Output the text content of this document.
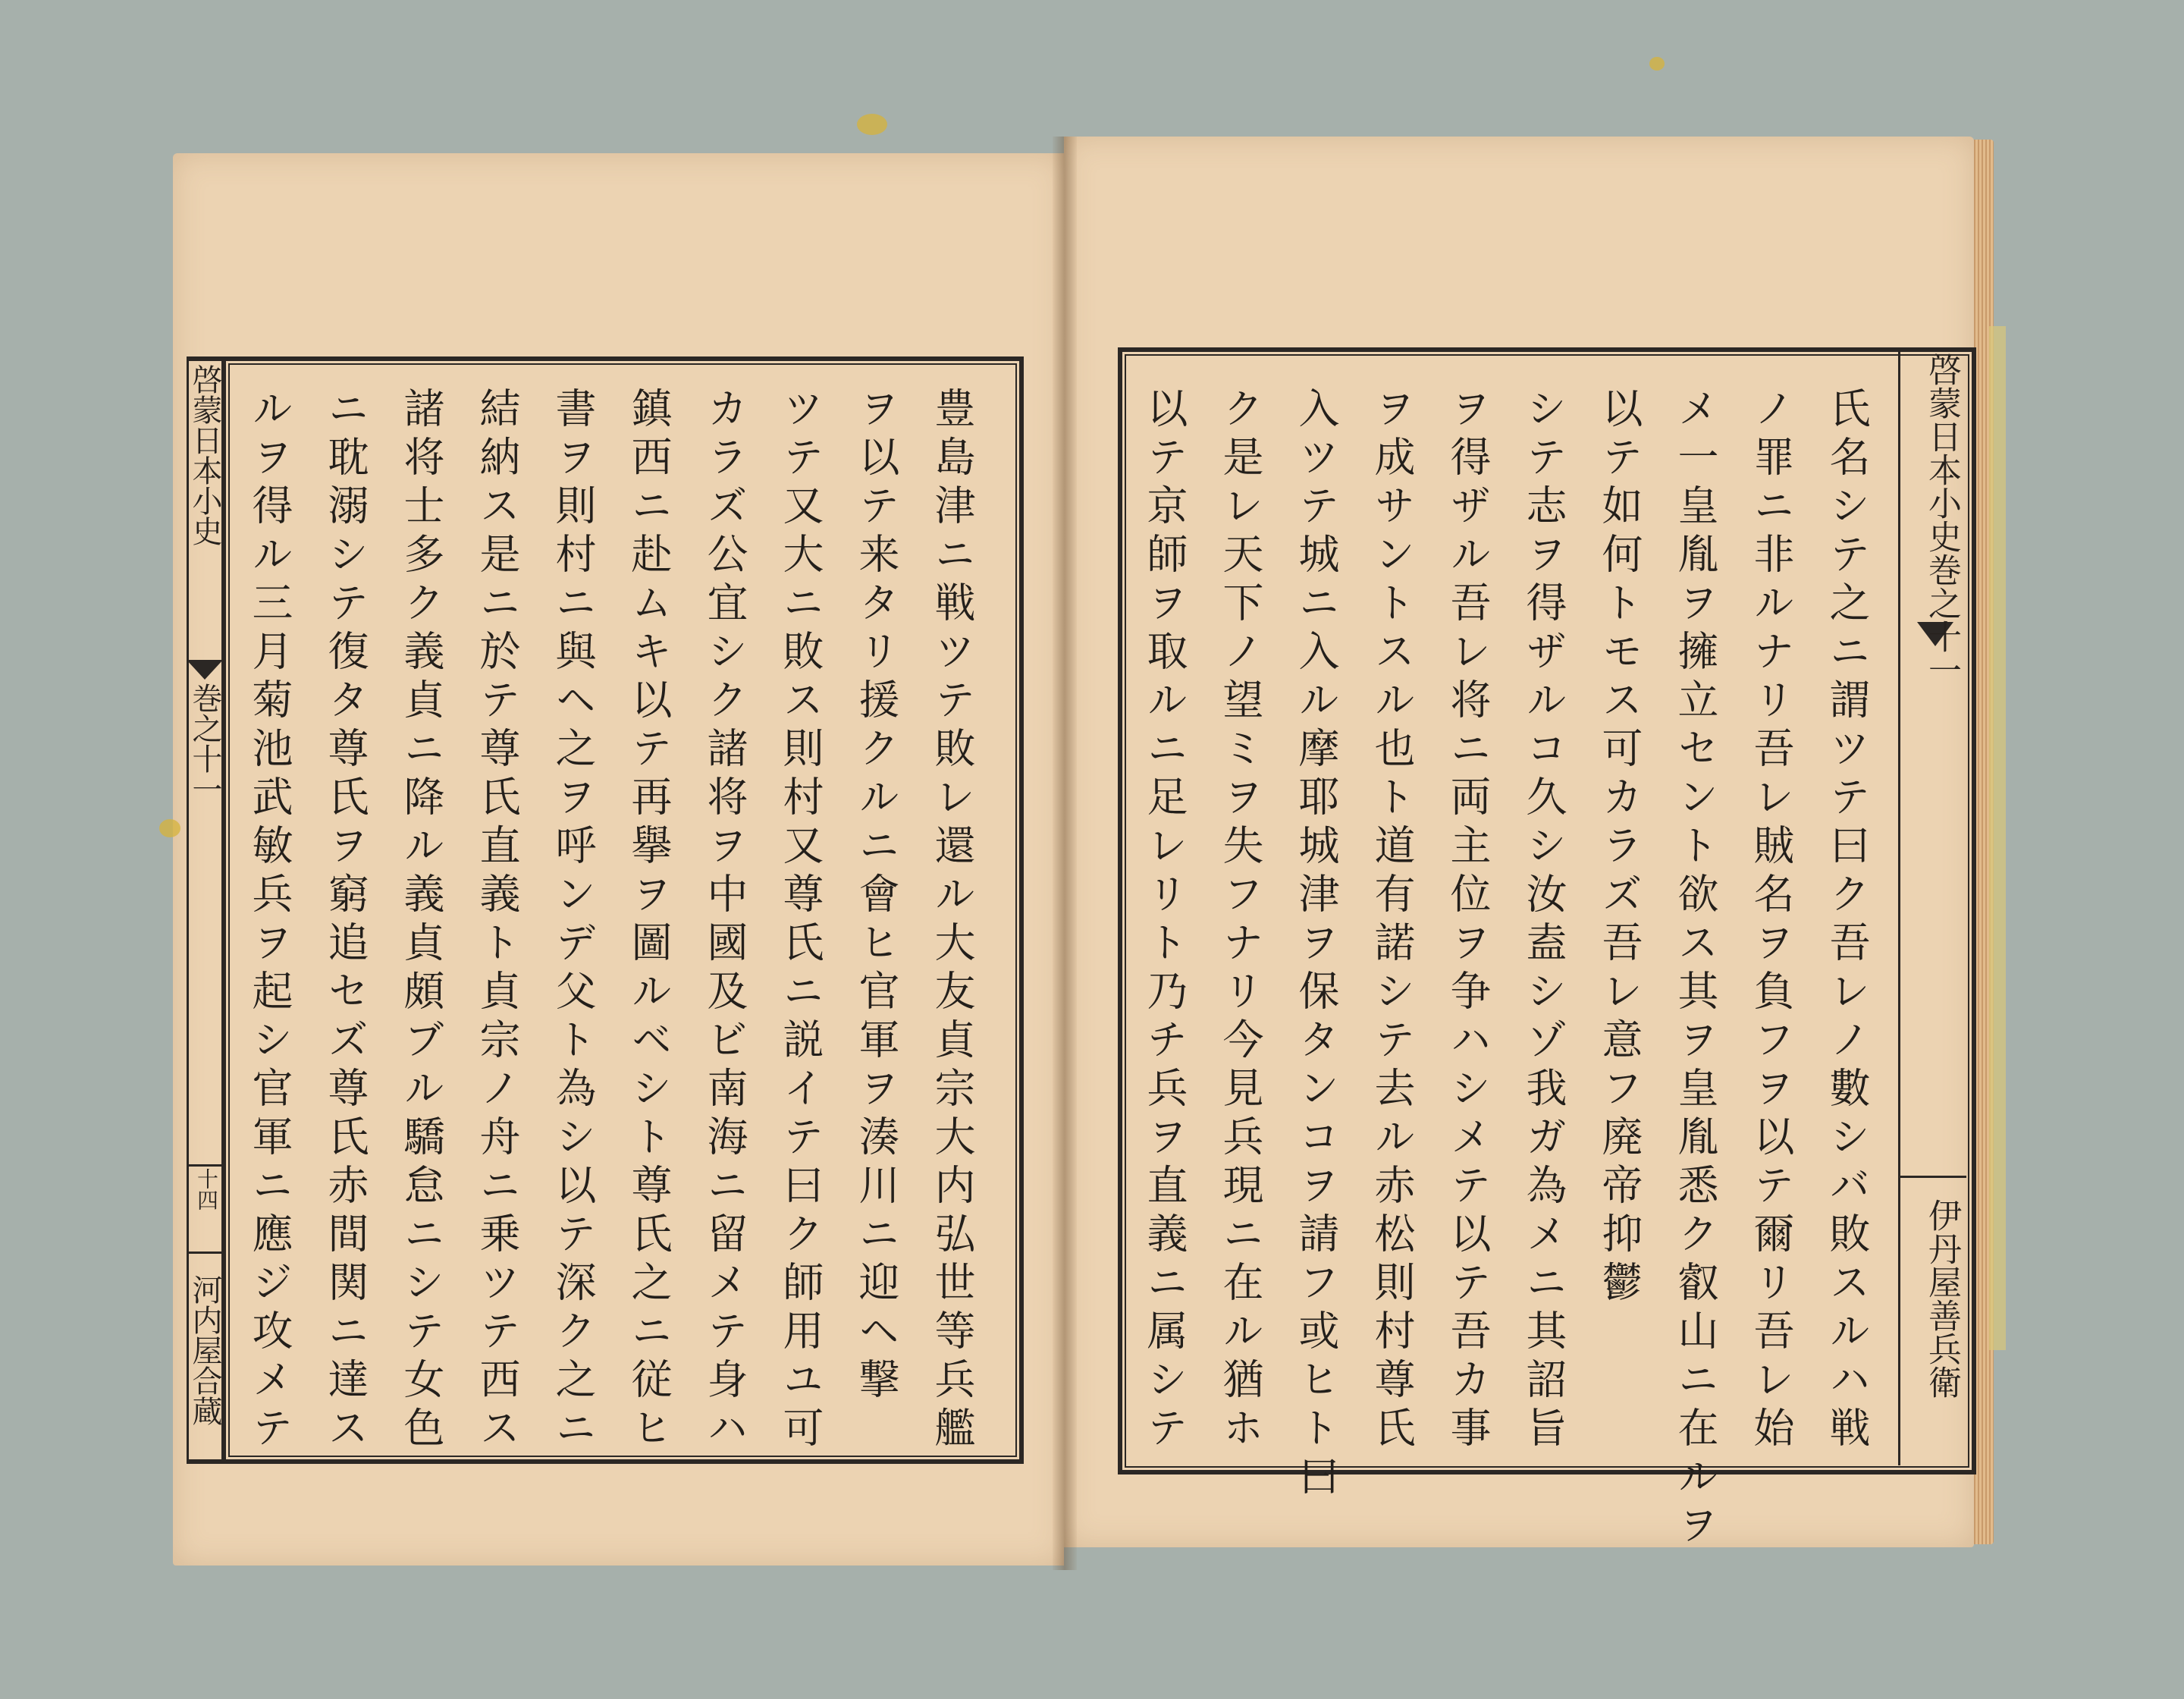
啓蒙日本小史
巻之十一
十四
河内屋合蔵	豊島津ニ戦ツテ敗レ還ル大友貞宗大内弘世等兵艦
ヲ以テ来タリ援クルニ會ヒ官軍ヲ湊川ニ迎ヘ撃
ツテ又大ニ敗ス則村又尊氏ニ説イテ曰ク師用ユ可
カラズ公宜シク諸将ヲ中國及ビ南海ニ留メテ身ハ
鎮西ニ赴ムキ以テ再擧ヲ圖ルベシト尊氏之ニ従ヒ
書ヲ則村ニ與ヘ之ヲ呼ンデ父ト為シ以テ深ク之ニ
結納ス是ニ於テ尊氏直義ト貞宗ノ舟ニ乗ツテ西ス
諸将士多ク義貞ニ降ル義貞頗ブル驕怠ニシテ女色
ニ耽溺シテ復タ尊氏ヲ窮追セズ尊氏赤間関ニ達ス
ルヲ得ル三月菊池武敏兵ヲ起シ官軍ニ應ジ攻メテ	啓蒙日本小史巻之十一
伊丹屋善兵衛
氏名シテ之ニ謂ツテ曰ク吾レノ數シバ敗スルハ戦
ノ罪ニ非ルナリ吾レ賊名ヲ負フヲ以テ爾リ吾レ始
メ一皇胤ヲ擁立セント欲ス其ヲ皇胤悉ク叡山ニ在ルヲ
以テ如何トモス可カラズ吾レ意フ廃帝抑鬱
シテ志ヲ得ザルコ久シ汝盍シゾ我ガ為メニ其詔旨
ヲ得ザル吾レ将ニ両主位ヲ争ハシメテ以テ吾カ事
ヲ成サントスル也ト道有諾シテ去ル赤松則村尊氏
入ツテ城ニ入ル摩耶城津ヲ保タンコヲ請フ或ヒト曰
ク是レ天下ノ望ミヲ失フナリ今見兵現ニ在ル猶ホ
以テ京師ヲ取ルニ足レリト乃チ兵ヲ直義ニ属シテ
